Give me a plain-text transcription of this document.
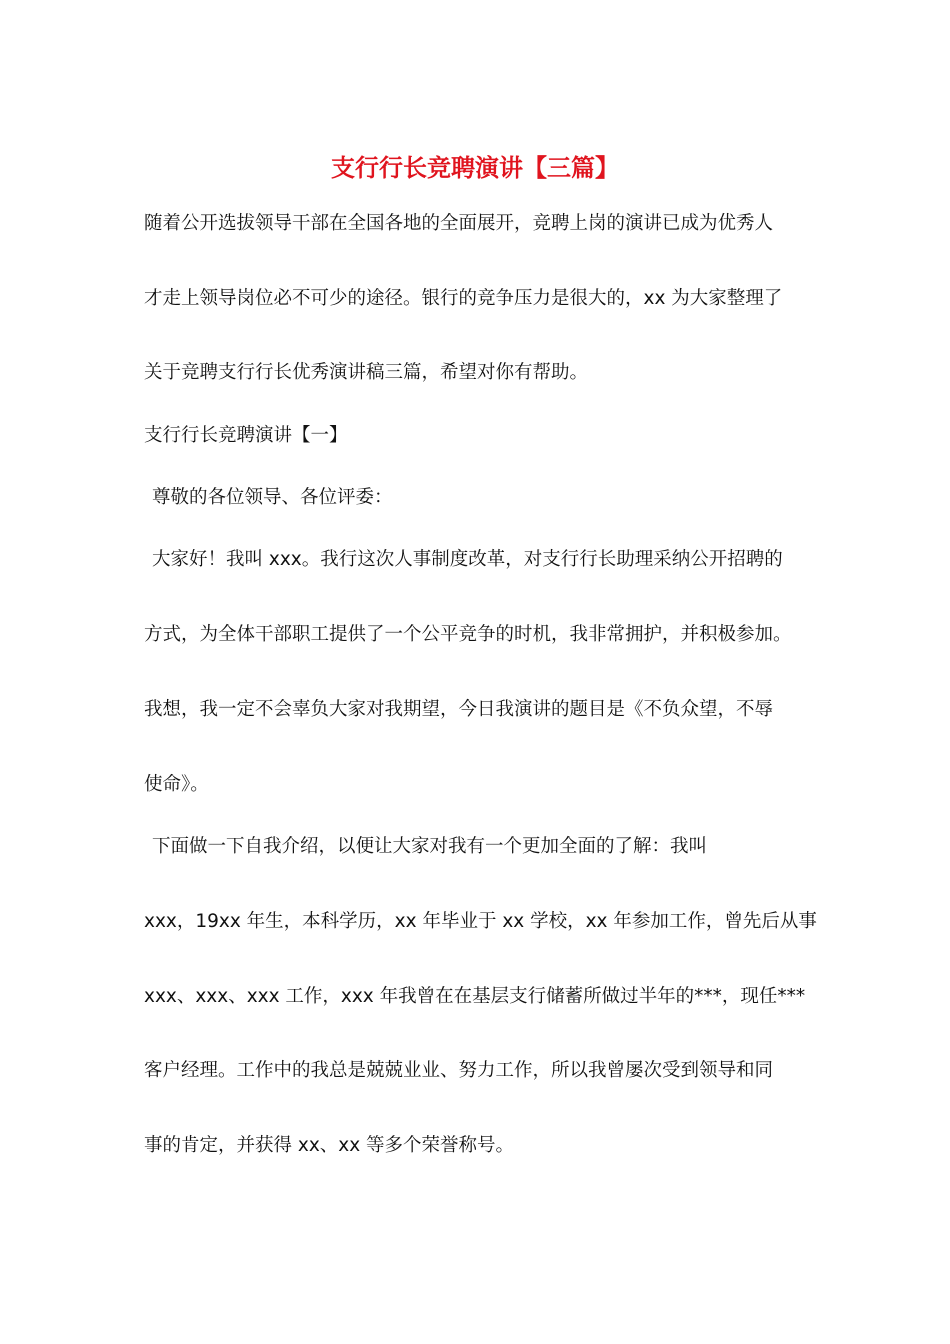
支行行长竞聘演讲【三篇】
随着公开选拔领导干部在全国各地的全面展开，竞聘上岗的演讲已成为优秀人
才走上领导岗位必不可少的途径。银行的竞争压力是很大的，xx 为大家整理了
关于竞聘支行行长优秀演讲稿三篇，希望对你有帮助。
支行行长竞聘演讲【一】
尊敬的各位领导、各位评委：
大家好！我叫 xxx。我行这次人事制度改革，对支行行长助理采纳公开招聘的
方式，为全体干部职工提供了一个公平竞争的时机，我非常拥护，并积极参加。
我想，我一定不会辜负大家对我期望，今日我演讲的题目是《不负众望，不辱
使命》。
下面做一下自我介绍，以便让大家对我有一个更加全面的了解：我叫
xxx，19xx 年生，本科学历，xx 年毕业于 xx 学校，xx 年参加工作，曾先后从事
xxx、xxx、xxx 工作，xxx 年我曾在在基层支行储蓄所做过半年的***，现任***
客户经理。工作中的我总是兢兢业业、努力工作，所以我曾屡次受到领导和同
事的肯定，并获得 xx、xx 等多个荣誉称号。
